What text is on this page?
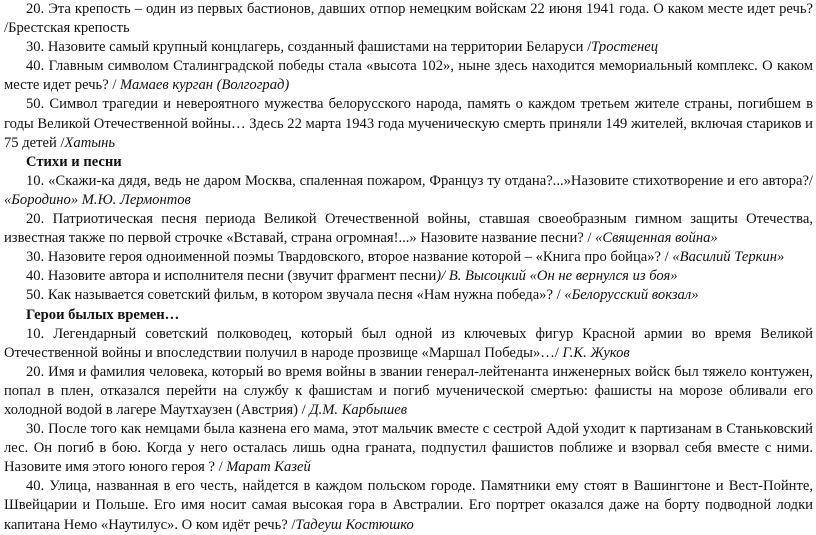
20. Эта крепость – один из первых бастионов, давших отпор немецким войскам 22 июня 1941 года. О каком месте идет речь? /Брестская крепость

30. Назовите самый крупный концлагерь, созданный фашистами на территории Беларуси /Тростенец

40. Главным символом Сталинградской победы стала «высота 102», ныне здесь находится мемориальный комплекс. О каком месте идет речь? / Мамаев курган (Волгоград)

50. Символ трагедии и невероятного мужества белорусского народа, память о каждом третьем жителе страны, погибшем в годы Великой Отечественной войны… Здесь 22 марта 1943 года мученическую смерть приняли 149 жителей, включая стариков и 75 детей /Хатынь

Стихи и песни

10. «Скажи-ка дядя, ведь не даром Москва, спаленная пожаром, Француз ту отдана?...»Назовите стихотворение и его автора?/ «Бородино» М.Ю. Лермонтов

20. Патриотическая песня периода Великой Отечественной войны, ставшая своеобразным гимном защиты Отечества, известная также по первой строчке «Вставай, страна огромная!...» Назовите название песни? / «Священная война»

30. Назовите героя одноименной поэмы Твардовского, второе название которой – «Книга про бойца»? / «Василий Теркин»

40. Назовите автора и исполнителя песни (звучит фрагмент песни)/ В. Высоцкий «Он не вернулся из боя»

50. Как называется советский фильм, в котором звучала песня «Нам нужна победа»? / «Белорусский вокзал»

Герои былых времен…

10. Легендарный советский полководец, который был одной из ключевых фигур Красной армии во время Великой Отечественной войны и впоследствии получил в народе прозвище «Маршал Победы»…/ Г.К. Жуков

20. Имя и фамилия человека, который во время войны в звании генерал-лейтенанта инженерных войск был тяжело контужен, попал в плен, отказался перейти на службу к фашистам и погиб мученической смертью: фашисты на морозе обливали его холодной водой в лагере Маутхаузен (Австрия) / Д.М. Карбышев

30. После того как немцами была казнена его мама, этот мальчик вместе с сестрой Адой уходит к партизанам в Станьковский лес. Он погиб в бою. Когда у него осталась лишь одна граната, подпустил фашистов поближе и взорвал себя вместе с ними. Назовите имя этого юного героя ? / Марат Казей

40. Улица, названная в его честь, найдется в каждом польском городе. Памятники ему стоят в Вашингтоне и Вест-Пойнте, Швейцарии и Польше. Его имя носит самая высокая гора в Австралии. Его портрет оказался даже на борту подводной лодки капитана Немо «Наутилус». О ком идёт речь? /Тадеуш Костюшко
